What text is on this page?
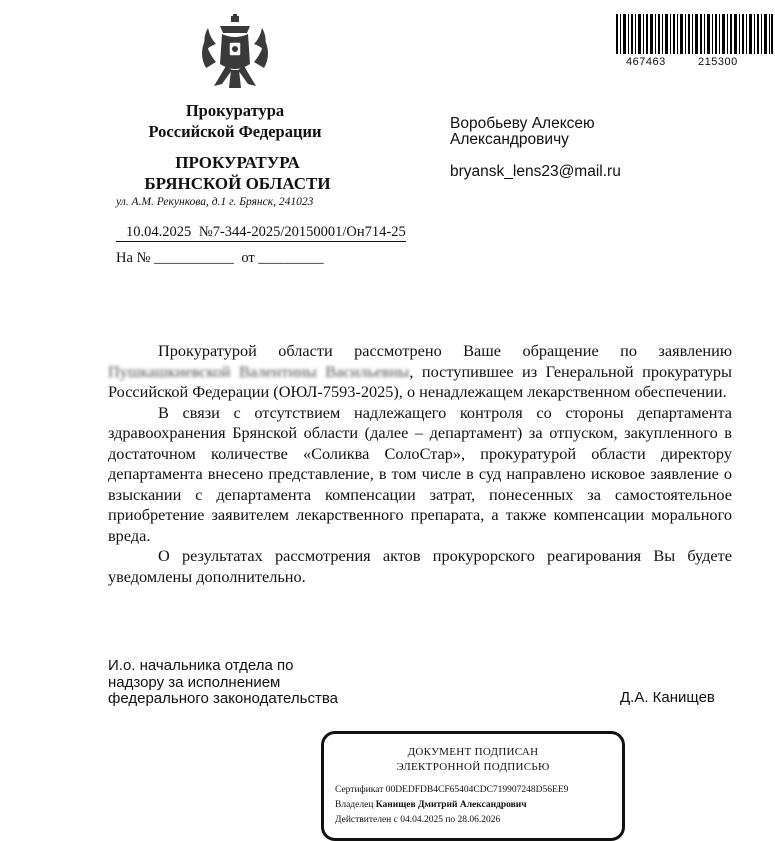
467463	215300
Прокуратура
Российской Федерации
ПРОКУРАТУРА
БРЯНСКОЙ ОБЛАСТИ
ул. А.М. Рекункова, д.1 г. Брянск, 241023
10.04.2025 №7-344-2025/20150001/Он714-25
На № ___________ от _________
Воробьеву Алексею
Александровичу
bryansk_lens23@mail.ru

Прокуратурой области рассмотрено Ваше обращение по заявлению Пушкашкиевской Валентины Васильевны, поступившее из Генеральной прокуратуры Российской Федерации (ОЮЛ-7593-2025), о ненадлежащем лекарственном обеспечении.

В связи с отсутствием надлежащего контроля со стороны департамента здравоохранения Брянской области (далее – департамент) за отпуском, закупленного в достаточном количестве «Соликва СолоСтар», прокуратурой области директору департамента внесено представление, в том числе в суд направлено исковое заявление о взыскании с департамента компенсации затрат, понесенных за самостоятельное приобретение заявителем лекарственного препарата, а также компенсации морального вреда.

О результатах рассмотрения актов прокурорского реагирования Вы будете уведомлены дополнительно.

И.о. начальника отдела по
надзору за исполнением
федерального законодательства	Д.А. Канищев
ДОКУМЕНТ ПОДПИСАН
ЭЛЕКТРОННОЙ ПОДПИСЬЮ
Сертификат 00DEDFDB4CF65404CDC719907248D56EE9
Владелец Канищев Дмитрий Александрович
Действителен с 04.04.2025 по 28.06.2026
